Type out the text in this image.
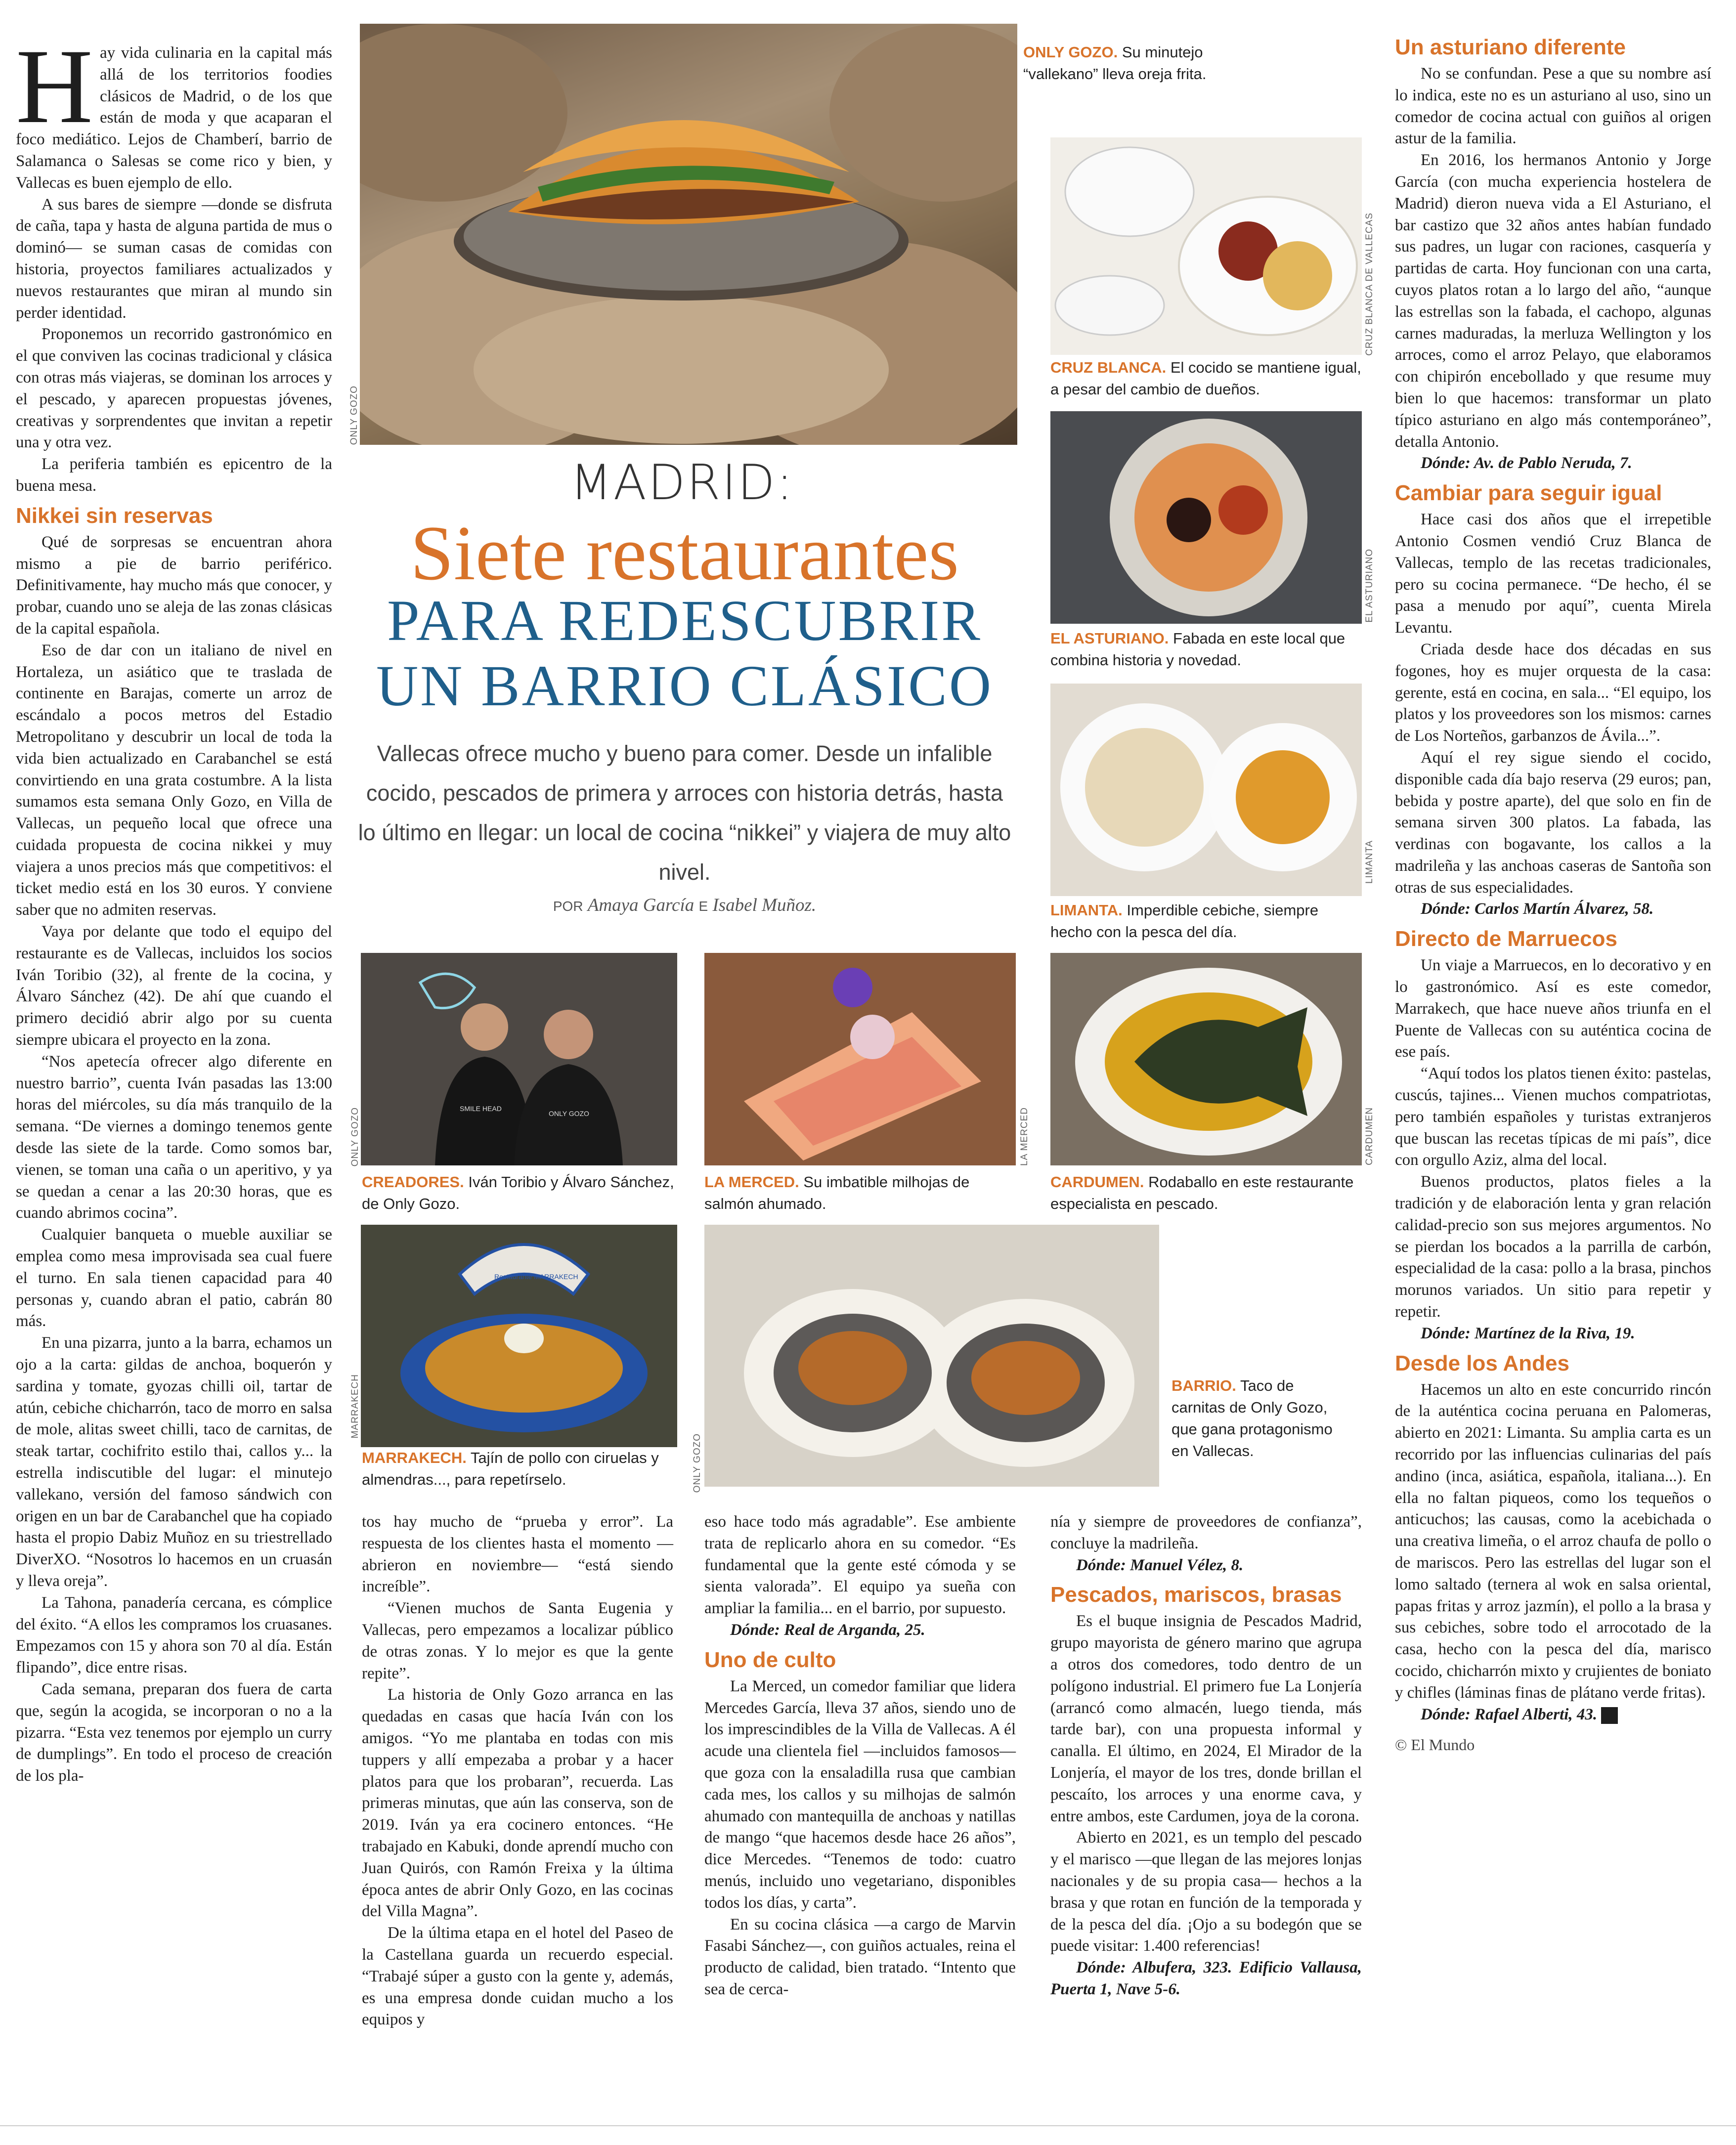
ONLY GOZO
MADRID:
Siete restaurantes
PARA REDESCUBRIR
UN BARRIO CLÁSICO
Vallecas ofrece mucho y bueno para comer. Desde un infalible cocido, pescados de primera y arroces con historia detrás, hasta lo último en llegar: un local de cocina “nikkei” y viajera de muy alto nivel.
POR Amaya García E Isabel Muñoz.

Hay vida culinaria en la capital más allá de los territorios foodies clásicos de Madrid, o de los que están de moda y que acaparan el foco mediático. Lejos de Chamberí, barrio de Salamanca o Salesas se come rico y bien, y Vallecas es buen ejemplo de ello.

A sus bares de siempre —donde se disfruta de caña, tapa y hasta de alguna partida de mus o dominó— se suman casas de comidas con historia, proyectos familiares actualizados y nuevos restaurantes que miran al mundo sin perder identidad.

Proponemos un recorrido gastronómico en el que conviven las cocinas tradicional y clásica con otras más viajeras, se dominan los arroces y el pescado, y aparecen propuestas jóvenes, creativas y sorprendentes que invitan a repetir una y otra vez.

La periferia también es epicentro de la buena mesa.

Nikkei sin reservas

Qué de sorpresas se encuentran ahora mismo a pie de barrio periférico. Definitivamente, hay mucho más que conocer, y probar, cuando uno se aleja de las zonas clásicas de la capital española.

Eso de dar con un italiano de nivel en Hortaleza, un asiático que te traslada de continente en Barajas, comerte un arroz de escándalo a pocos metros del Estadio Metropolitano y descubrir un local de toda la vida bien actualizado en Carabanchel se está convirtiendo en una grata costumbre. A la lista sumamos esta semana Only Gozo, en Villa de Vallecas, un pequeño local que ofrece una cuidada propuesta de cocina nikkei y muy viajera a unos precios más que competitivos: el ticket medio está en los 30 euros. Y conviene saber que no admiten reservas.

Vaya por delante que todo el equipo del restaurante es de Vallecas, incluidos los socios Iván Toribio (32), al frente de la cocina, y Álvaro Sánchez (42). De ahí que cuando el primero decidió abrir algo por su cuenta siempre ubicara el proyecto en la zona.

“Nos apetecía ofrecer algo diferente en nuestro barrio”, cuenta Iván pasadas las 13:00 horas del miércoles, su día más tranquilo de la semana. “De viernes a domingo tenemos gente desde las siete de la tarde. Como somos bar, vienen, se toman una caña o un aperitivo, y ya se quedan a cenar a las 20:30 horas, que es cuando abrimos cocina”.

Cualquier banqueta o mueble auxiliar se emplea como mesa improvisada sea cual fuere el turno. En sala tienen capacidad para 40 personas y, cuando abran el patio, cabrán 80 más.

En una pizarra, junto a la barra, echamos un ojo a la carta: gildas de anchoa, boquerón y sardina y tomate, gyozas chilli oil, tartar de atún, cebiche chicharrón, taco de morro en salsa de mole, alitas sweet chilli, taco de carnitas, de steak tartar, cochifrito estilo thai, callos y... la estrella indiscutible del lugar: el minutejo vallekano, versión del famoso sándwich con origen en un bar de Carabanchel que ha copiado hasta el propio Dabiz Muñoz en su triestrellado DiverXO. “Nosotros lo hacemos en un cruasán y lleva oreja”.

La Tahona, panadería cercana, es cómplice del éxito. “A ellos les compramos los cruasanes. Empezamos con 15 y ahora son 70 al día. Están flipando”, dice entre risas.

Cada semana, preparan dos fuera de carta que, según la acogida, se incorporan o no a la pizarra. “Esta vez tenemos por ejemplo un curry de dumplings”. En todo el proceso de creación de los pla-

SMILE HEAD
ONLY GOZO
ONLY GOZO
CREADORES. Iván Toribio y Álvaro Sánchez, de Only Gozo.
LA MERCED
LA MERCED. Su imbatible milhojas de salmón ahumado.
Restaurante MARRAKECH
MARRAKECH
MARRAKECH. Tajín de pollo con ciruelas y almendras..., para repetírselo.	ONLY GOZO
BARRIO. Taco de carnitas de Only Gozo, que gana protagonismo en Vallecas.
ONLY GOZO. Su minutejo “vallekano” lleva oreja frita.
CRUZ BLANCA DE VALLECAS
CRUZ BLANCA. El cocido se mantiene igual, a pesar del cambio de dueños.
EL ASTURIANO
EL ASTURIANO. Fabada en este local que combina historia y novedad.
LIMANTA
LIMANTA. Imperdible cebiche, siempre hecho con la pesca del día.
CARDUMEN
CARDUMEN. Rodaballo en este restaurante especialista en pescado.

tos hay mucho de “prueba y error”. La respuesta de los clientes hasta el momento —abrieron en noviembre— “está siendo increíble”.

“Vienen muchos de Santa Eugenia y Vallecas, pero empezamos a localizar público de otras zonas. Y lo mejor es que la gente repite”.

La historia de Only Gozo arranca en las quedadas en casas que hacía Iván con los amigos. “Yo me plantaba en todas con mis tuppers y allí empezaba a probar y a hacer platos para que los probaran”, recuerda. Las primeras minutas, que aún las conserva, son de 2019. Iván ya era cocinero entonces. “He trabajado en Kabuki, donde aprendí mucho con Juan Quirós, con Ramón Freixa y la última época antes de abrir Only Gozo, en las cocinas del Villa Magna”.

De la última etapa en el hotel del Paseo de la Castellana guarda un recuerdo especial. “Trabajé súper a gusto con la gente y, además, es una empresa donde cuidan mucho a los equipos y

eso hace todo más agradable”. Ese ambiente trata de replicarlo ahora en su comedor. “Es fundamental que la gente esté cómoda y se sienta valorada”. El equipo ya sueña con ampliar la familia... en el barrio, por supuesto.

Dónde: Real de Arganda, 25.

Uno de culto

La Merced, un comedor familiar que lidera Mercedes García, lleva 37 años, siendo uno de los imprescindibles de la Villa de Vallecas. A él acude una clientela fiel —incluidos famosos— que goza con la ensaladilla rusa que cambian cada mes, los callos y su milhojas de salmón ahumado con mantequilla de anchoas y natillas de mango “que hacemos desde hace 26 años”, dice Mercedes. “Tenemos de todo: cuatro menús, incluido uno vegetariano, disponibles todos los días, y carta”.

En su cocina clásica —a cargo de Marvin Fasabi Sánchez—, con guiños actuales, reina el producto de calidad, bien tratado. “Intento que sea de cerca-

nía y siempre de proveedores de confianza”, concluye la madrileña.

Dónde: Manuel Vélez, 8.

Pescados, mariscos, brasas

Es el buque insignia de Pescados Madrid, grupo mayorista de género marino que agrupa a otros dos comedores, todo dentro de un polígono industrial. El primero fue La Lonjería (arrancó como almacén, luego tienda, más tarde bar), con una propuesta informal y canalla. El último, en 2024, El Mirador de la Lonjería, el mayor de los tres, donde brillan el pescaíto, los arroces y una enorme cava, y entre ambos, este Cardumen, joya de la corona.

Abierto en 2021, es un templo del pescado y el marisco —que llegan de las mejores lonjas nacionales y de su propia casa— hechos a la brasa y que rotan en función de la temporada y de la pesca del día. ¡Ojo a su bodegón que se puede visitar: 1.400 referencias!

Dónde: Albufera, 323. Edificio Vallausa, Puerta 1, Nave 5-6.

Un asturiano diferente

No se confundan. Pese a que su nombre así lo indica, este no es un asturiano al uso, sino un comedor de cocina actual con guiños al origen astur de la familia.

En 2016, los hermanos Antonio y Jorge García (con mucha experiencia hostelera de Madrid) dieron nueva vida a El Asturiano, el bar castizo que 32 años antes habían fundado sus padres, un lugar con raciones, casquería y partidas de carta. Hoy funcionan con una carta, cuyos platos rotan a lo largo del año, “aunque las estrellas son la fabada, el cachopo, algunas carnes maduradas, la merluza Wellington y los arroces, como el arroz Pelayo, que elaboramos con chipirón encebollado y que resume muy bien lo que hacemos: transformar un plato típico asturiano en algo más contemporáneo”, detalla Antonio.

Dónde: Av. de Pablo Neruda, 7.

Cambiar para seguir igual

Hace casi dos años que el irrepetible Antonio Cosmen vendió Cruz Blanca de Vallecas, templo de las recetas tradicionales, pero su cocina permanece. “De hecho, él se pasa a menudo por aquí”, cuenta Mirela Levantu.

Criada desde hace dos décadas en sus fogones, hoy es mujer orquesta de la casa: gerente, está en cocina, en sala... “El equipo, los platos y los proveedores son los mismos: carnes de Los Norteños, garbanzos de Ávila...”.

Aquí el rey sigue siendo el cocido, disponible cada día bajo reserva (29 euros; pan, bebida y postre aparte), del que solo en fin de semana sirven 300 platos. La fabada, las verdinas con bogavante, los callos a la madrileña y las anchoas caseras de Santoña son otras de sus especialidades.

Dónde: Carlos Martín Álvarez, 58.

Directo de Marruecos

Un viaje a Marruecos, en lo decorativo y en lo gastronómico. Así es este comedor, Marrakech, que hace nueve años triunfa en el Puente de Vallecas con su auténtica cocina de ese país.

“Aquí todos los platos tienen éxito: pastelas, cuscús, tajines... Vienen muchos compatriotas, pero también españoles y turistas extranjeros que buscan las recetas típicas de mi país”, dice con orgullo Aziz, alma del local.

Buenos productos, platos fieles a la tradición y de elaboración lenta y gran relación calidad-precio son sus mejores argumentos. No se pierdan los bocados a la parrilla de carbón, especialidad de la casa: pollo a la brasa, pinchos morunos variados. Un sitio para repetir y repetir.

Dónde: Martínez de la Riva, 19.

Desde los Andes

Hacemos un alto en este concurrido rincón de la auténtica cocina peruana en Palomeras, abierto en 2021: Limanta. Su amplia carta es un recorrido por las influencias culinarias del país andino (inca, asiática, española, italiana...). En ella no faltan piqueos, como los tequeños o anticuchos; las causas, como la acebichada o una creativa limeña, o el arroz chaufa de pollo o de mariscos. Pero las estrellas del lugar son el lomo saltado (ternera al wok en salsa oriental, papas fritas y arroz jazmín), el pollo a la brasa y sus cebiches, sobre todo el arrocotado de la casa, hecho con la pesca del día, marisco cocido, chicharrón mixto y crujientes de boniato y chifles (láminas finas de plátano verde fritas).

Dónde: Rafael Alberti, 43. D

© El Mundo
